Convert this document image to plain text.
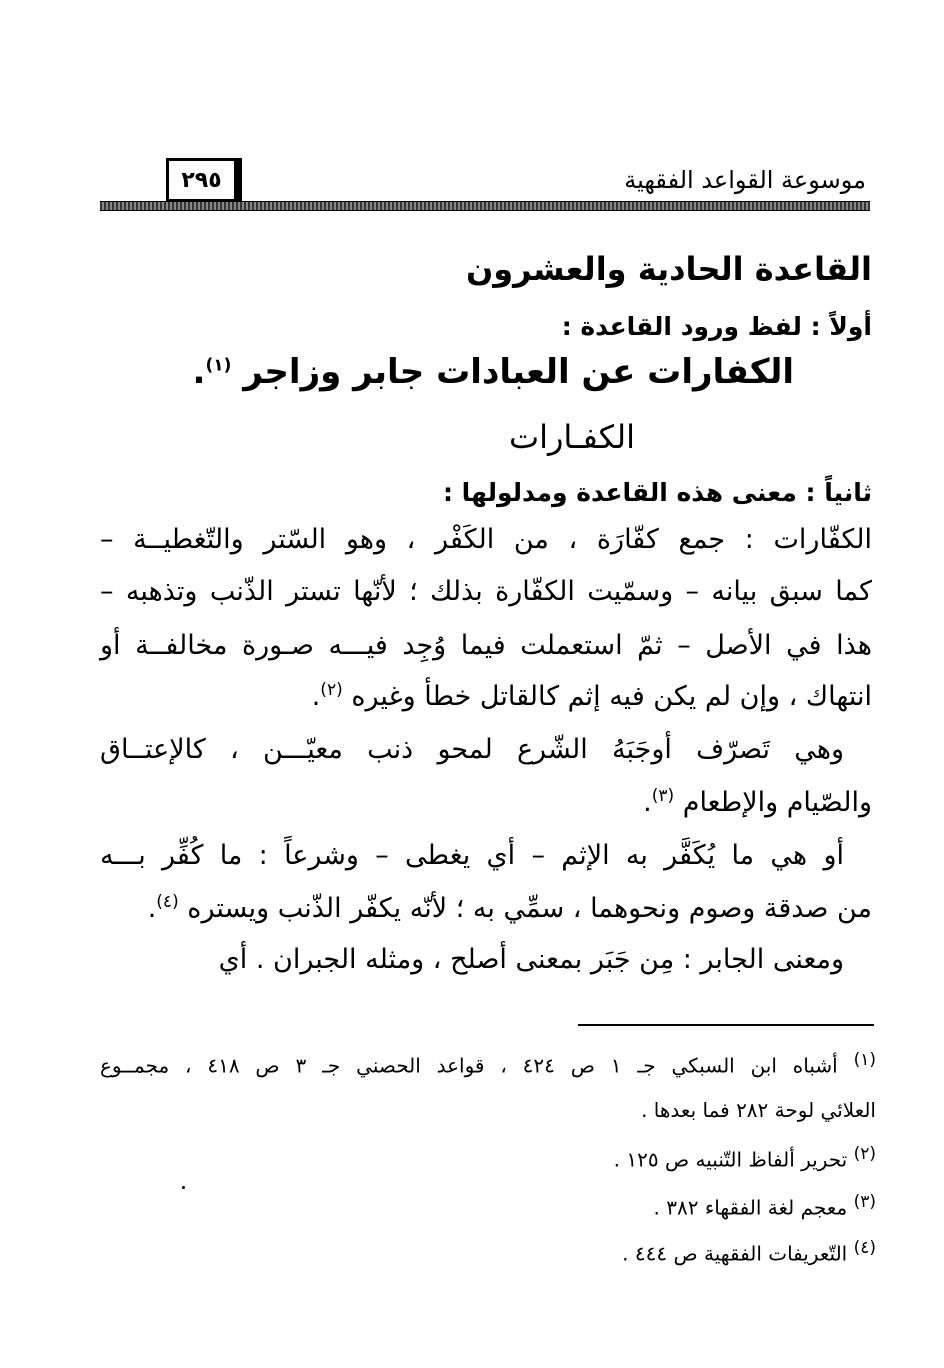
موسوعة القواعد الفقهية
٢٩٥
القاعدة الحادية والعشرون
أولاً : لفظ ورود القاعدة :
الكفارات عن العبادات جابر وزاجر $^{(١)}$.
الكفـارات
ثانياً : معنى هذه القاعدة ومدلولها :
الكفّارات : جمع كفّارَة ، من الكَفْر ، وهو السّتر والتّغطيــة –
كما سبق بيانه – وسمّيت الكفّارة بذلك ؛ لأنّها تستر الذّنب وتذهبه –
هذا في الأصل – ثمّ استعملت فيما وُجِد فيـــه صـورة مخالفــة أو
انتهاك ، وإن لم يكن فيه إثم كالقاتل خطأ وغيره $^{(٢)}$.
وهي تَصرّف أوجَبَهُ الشّرع لمحو ذنب معيّـــن ، كالإعتــاق
والصّيام والإطعام $^{(٣)}$.
أو هي ما يُكَفَّر به الإثم – أي يغطى – وشرعاً : ما كُفِّر بـــه
من صدقة وصوم ونحوهما ، سمِّي به ؛ لأنّه يكفّر الذّنب ويستره $^{(٤)}$.
ومعنى الجابر : مِن جَبَر بمعنى أصلح ، ومثله الجبران . أي
$^{(١)}$ أشباه ابن السبكي جـ ١ ص ٤٢٤ ، قواعد الحصني جـ ٣ ص ٤١٨ ، مجمــوع
العلائي لوحة ٢٨٢ فما بعدها .
$^{(٢)}$ تحرير ألفاظ التّنبيه ص ١٢٥ .
$^{(٣)}$ معجم لغة الفقهاء ٣٨٢ .
$^{(٤)}$ التّعريفات الفقهية ص ٤٤٤ .
